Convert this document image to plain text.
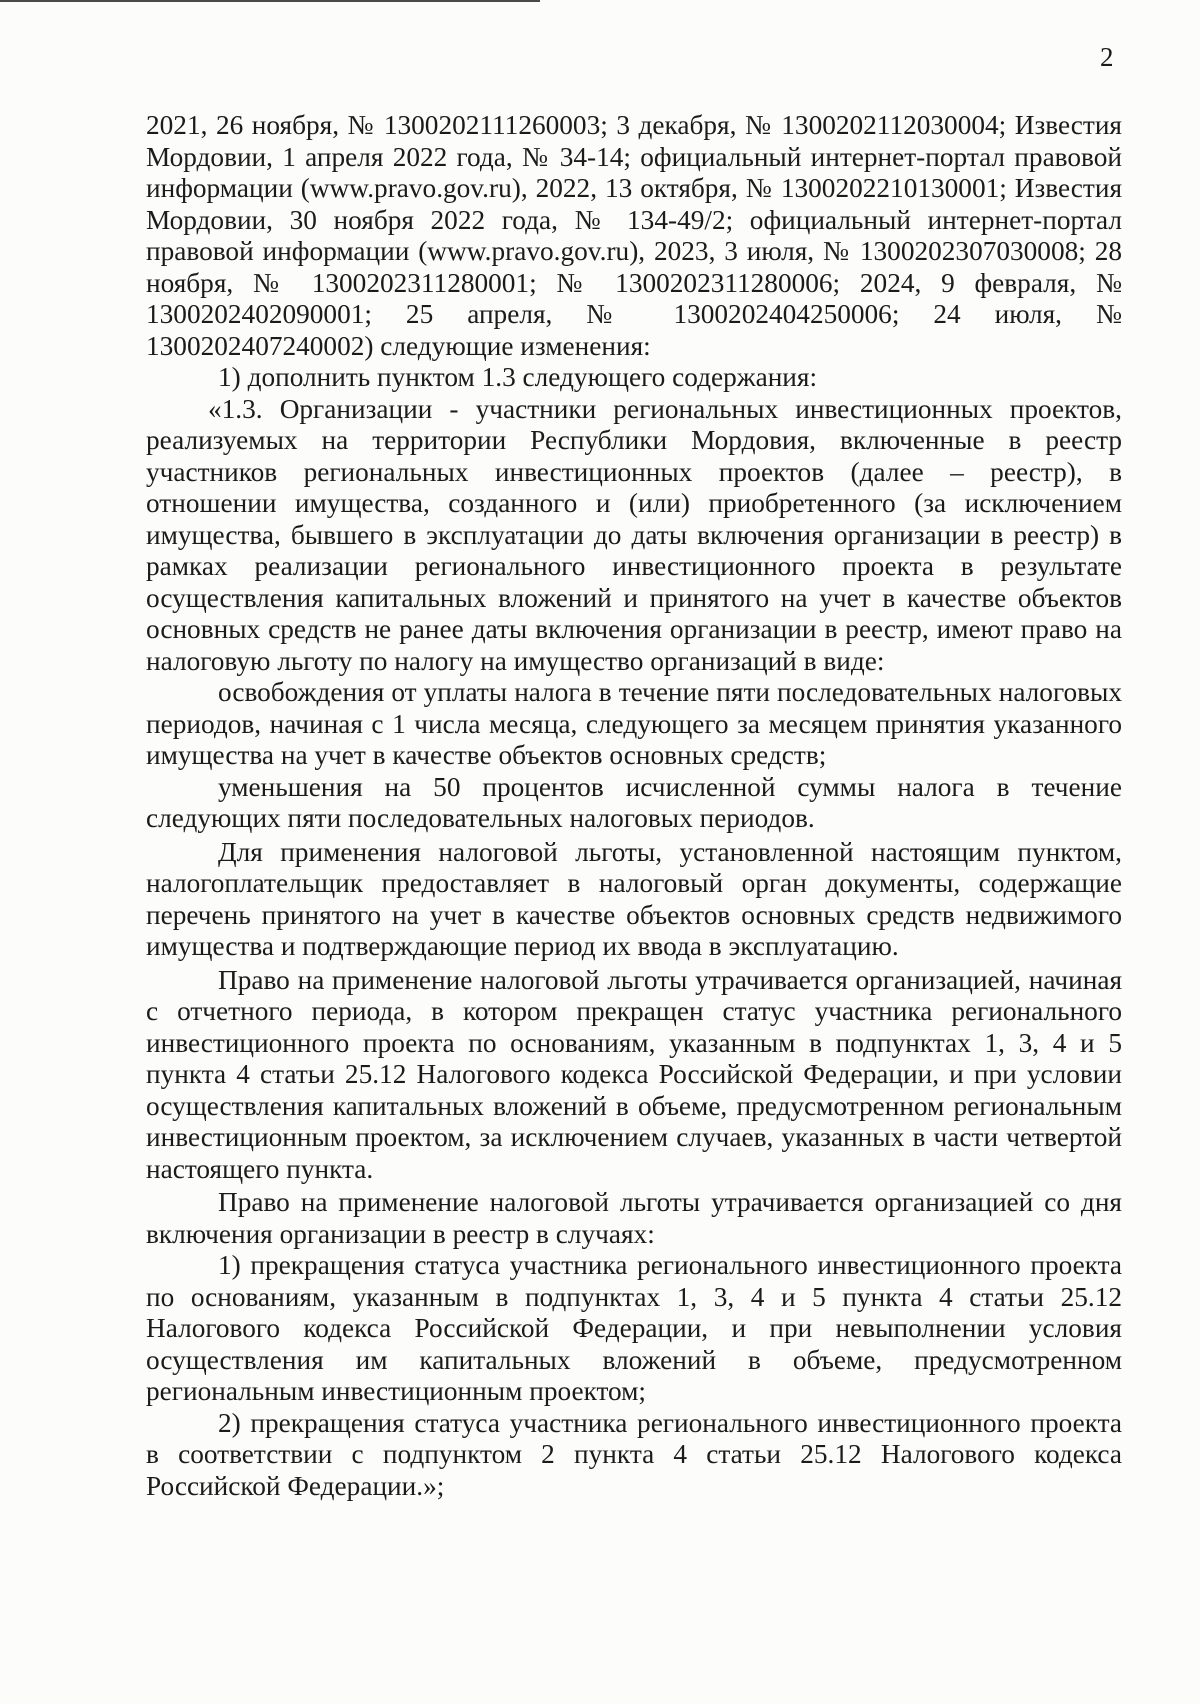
2

2021, 26 ноября, № 1300202111260003; 3 декабря, № 1300202112030004; Известия Мордовии, 1 апреля 2022 года, № 34-14; официальный интернет-портал правовой информации (www.pravo.gov.ru), 2022, 13 октября, № 1300202210130001; Известия Мордовии, 30 ноября 2022 года, № 134-49/2; официальный интернет-портал правовой информации (www.pravo.gov.ru), 2023, 3 июля, № 1300202307030008; 28 ноября, № 1300202311280001; № 1300202311280006; 2024, 9 февраля, № 1300202402090001; 25 апреля, № 1300202404250006; 24 июля, № 1300202407240002) следующие изменения:

1) дополнить пунктом 1.3 следующего содержания:

«1.3. Организации - участники региональных инвестиционных проектов, реализуемых на территории Республики Мордовия, включенные в реестр участников региональных инвестиционных проектов (далее – реестр), в отношении имущества, созданного и (или) приобретенного (за исключением имущества, бывшего в эксплуатации до даты включения организации в реестр) в рамках реализации регионального инвестиционного проекта в результате осуществления капитальных вложений и принятого на учет в качестве объектов основных средств не ранее даты включения организации в реестр, имеют право на налоговую льготу по налогу на имущество организаций в виде:

освобождения от уплаты налога в течение пяти последовательных налоговых периодов, начиная с 1 числа месяца, следующего за месяцем принятия указанного имущества на учет в качестве объектов основных средств;

уменьшения на 50 процентов исчисленной суммы налога в течение следующих пяти последовательных налоговых периодов.

Для применения налоговой льготы, установленной настоящим пунктом, налогоплательщик предоставляет в налоговый орган документы, содержащие перечень принятого на учет в качестве объектов основных средств недвижимого имущества и подтверждающие период их ввода в эксплуатацию.

Право на применение налоговой льготы утрачивается организацией, начиная с отчетного периода, в котором прекращен статус участника регионального инвестиционного проекта по основаниям, указанным в подпунктах 1, 3, 4 и 5 пункта 4 статьи 25.12 Налогового кодекса Российской Федерации, и при условии осуществления капитальных вложений в объеме, предусмотренном региональным инвестиционным проектом, за исключением случаев, указанных в части четвертой настоящего пункта.

Право на применение налоговой льготы утрачивается организацией со дня включения организации в реестр в случаях:

1) прекращения статуса участника регионального инвестиционного проекта по основаниям, указанным в подпунктах 1, 3, 4 и 5 пункта 4 статьи 25.12 Налогового кодекса Российской Федерации, и при невыполнении условия осуществления им капитальных вложений в объеме, предусмотренном региональным инвестиционным проектом;

2) прекращения статуса участника регионального инвестиционного проекта в соответствии с подпунктом 2 пункта 4 статьи 25.12 Налогового кодекса Российской Федерации.»;
